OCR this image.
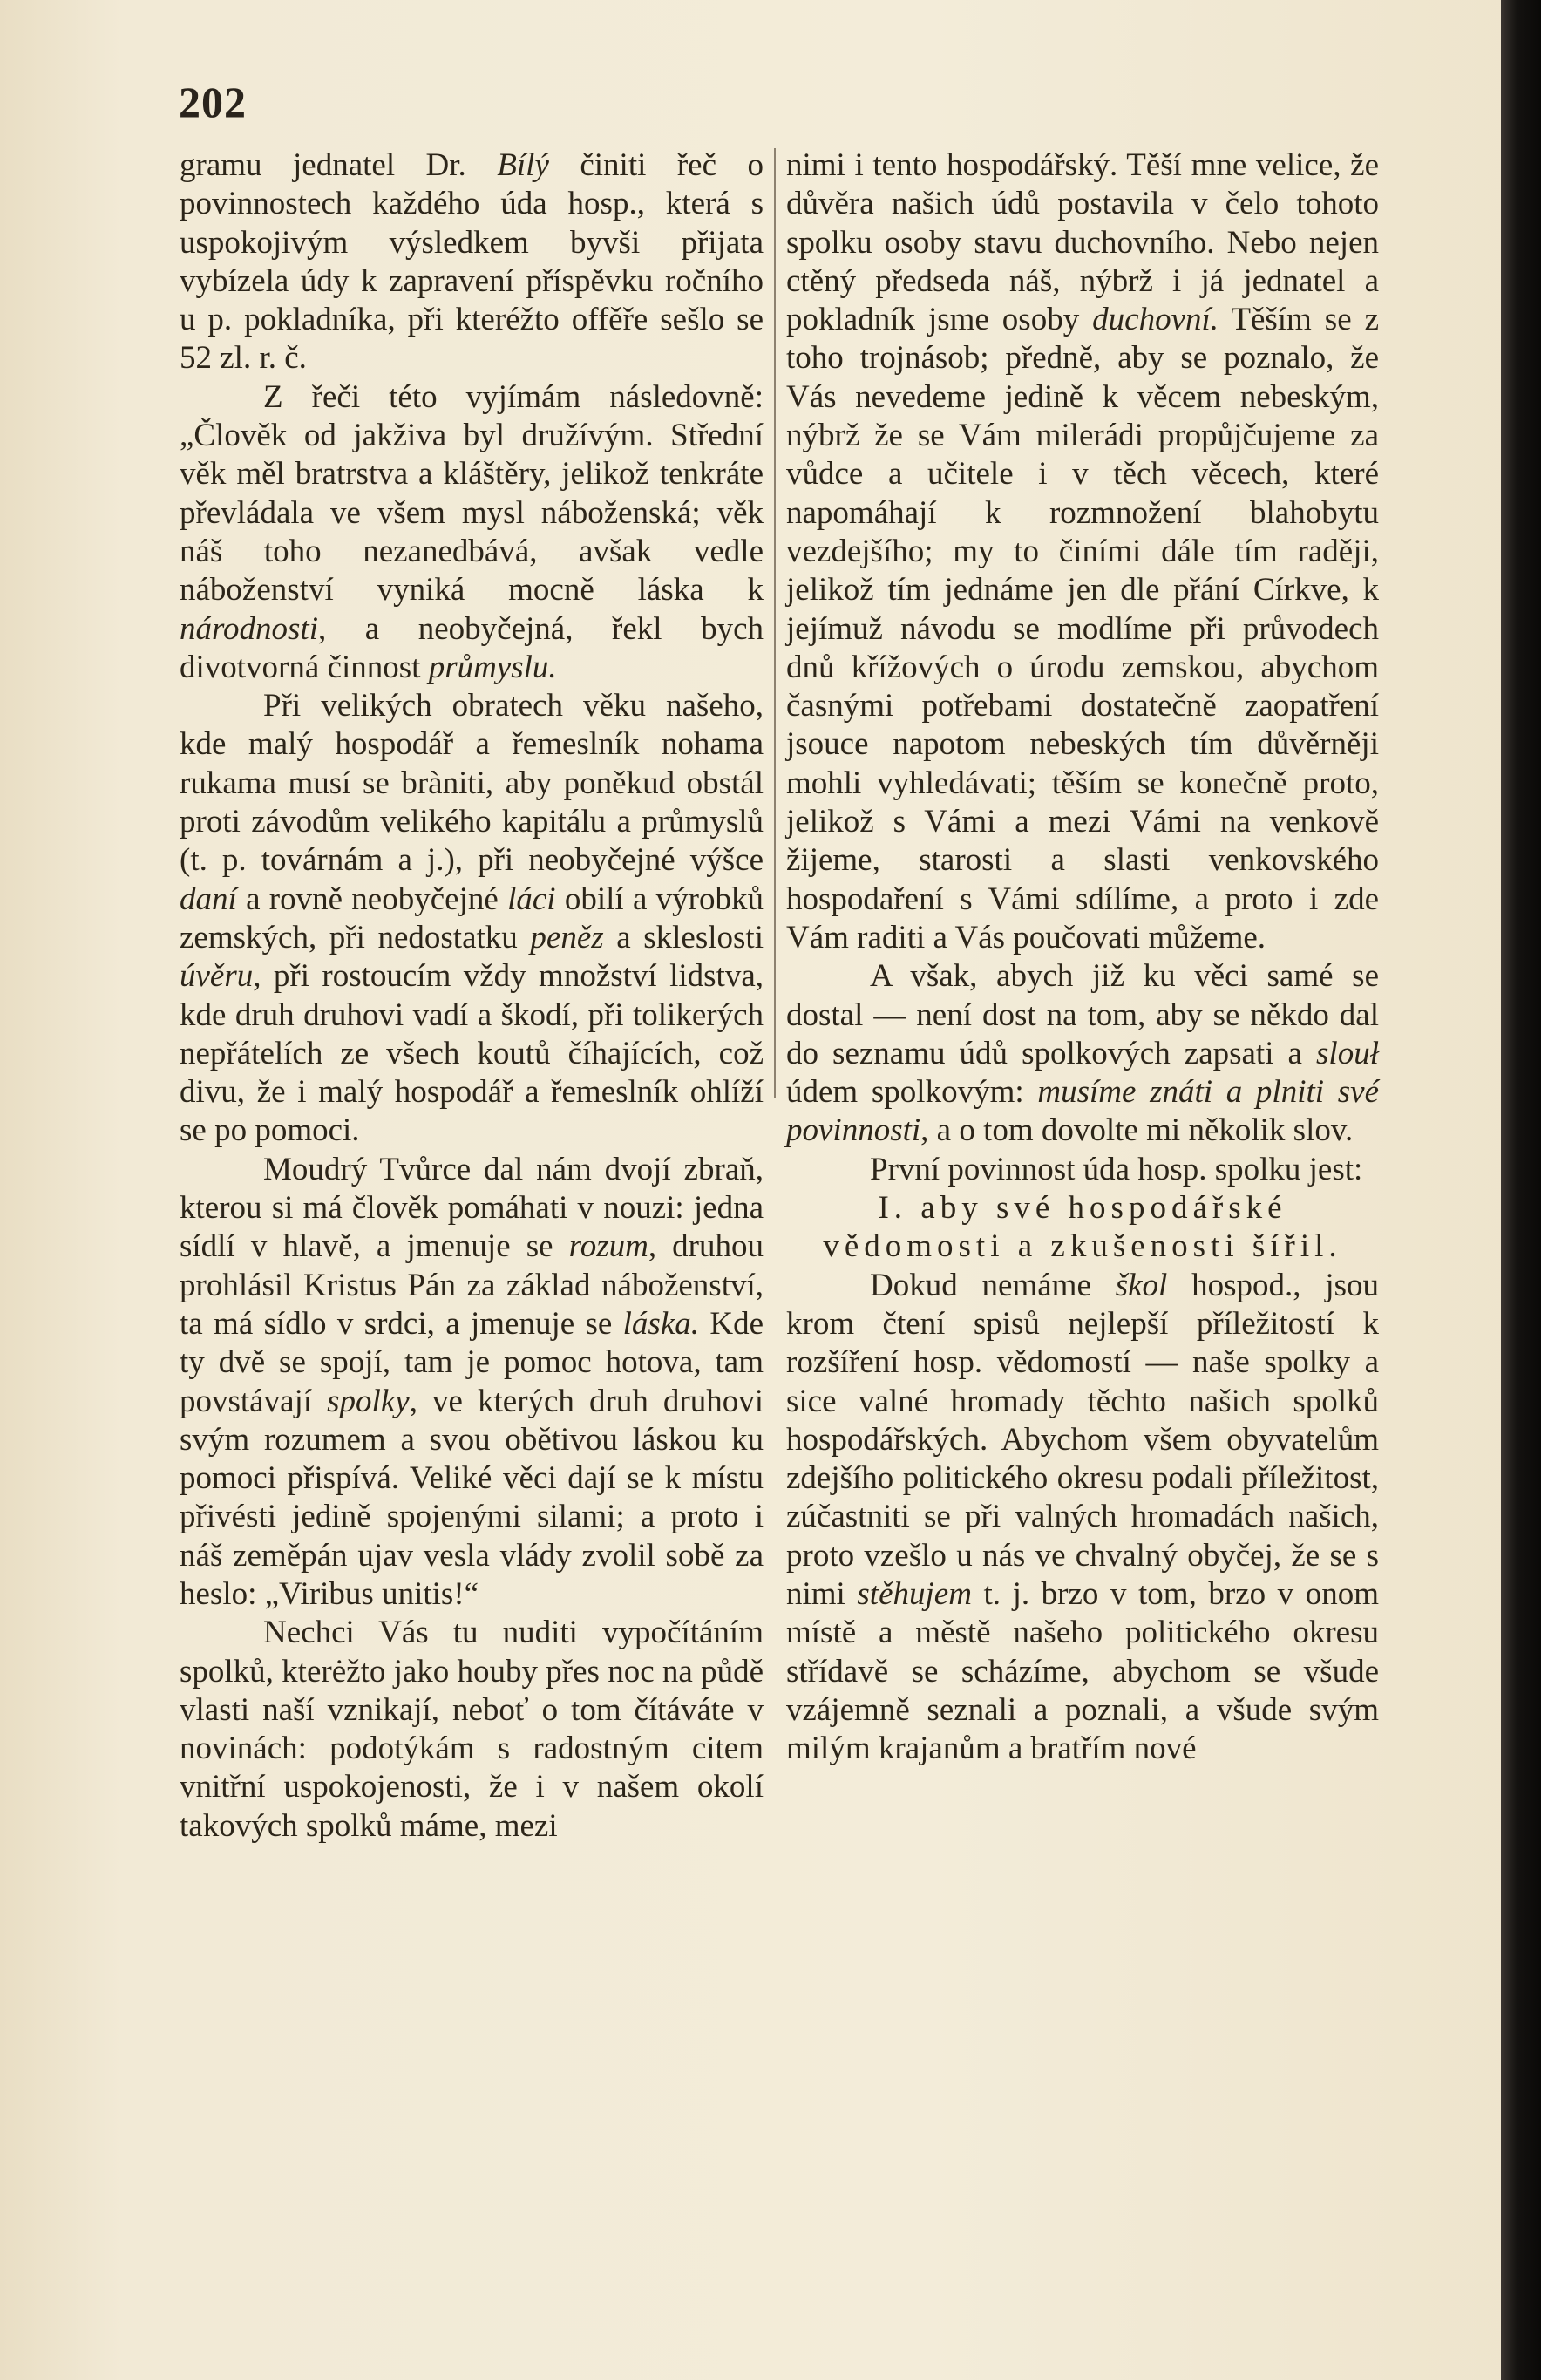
202

gramu jednatel Dr. Bílý činiti řeč o povinnostech každého úda hosp., která s uspokojivým výsledkem byvši přijata vybízela údy k zapravení příspěvku ročního u p. pokladníka, při kteréžto offěře sešlo se 52 zl. r. č.

Z řeči této vyjímám následovně: „Člověk od jakživa byl družívým. Střední věk měl bratrstva a kláštěry, jelikož tenkráte převládala ve všem mysl náboženská; věk náš toho nezanedbává, avšak vedle náboženství vyniká mocně láska k národnosti, a neobyčejná, řekl bych divotvorná činnost průmyslu.

Při velikých obratech věku našeho, kde malý hospodář a řemeslník nohama rukama musí se bràniti, aby poněkud obstál proti závodům velikého kapitálu a průmyslů (t. p. továrnám a j.), při neobyčejné výšce daní a rovně neobyčejné láci obilí a výrobků zemských, při nedostatku peněz a skleslosti úvěru, při rostoucím vždy množství lidstva, kde druh druhovi vadí a škodí, při tolikerých nepřátelích ze všech koutů číhajících, což divu, že i malý hospodář a řemeslník ohlíží se po pomoci.

Moudrý Tvůrce dal nám dvojí zbraň, kterou si má člověk pomáhati v nouzi: jedna sídlí v hlavě, a jmenuje se rozum, druhou prohlásil Kristus Pán za základ náboženství, ta má sídlo v srdci, a jmenuje se láska. Kde ty dvě se spojí, tam je pomoc hotova, tam povstávají spolky, ve kterých druh druhovi svým rozumem a svou obětivou láskou ku pomoci přispívá. Veliké věci dají se k místu přivésti jedině spojenými silami; a proto i náš zeměpán ujav vesla vlády zvolil sobě za heslo: „Viribus unitis!“

Nechci Vás tu nuditi vypočítáním spolků, kterėžto jako houby přes noc na půdě vlasti naší vznikají, neboť o tom čítáváte v novinách: podotýkám s radostným citem vnitřní uspokojenosti, že i v našem okolí takových spolků máme, mezi

nimi i tento hospodářský. Těší mne velice, že důvěra našich údů postavila v čelo tohoto spolku osoby stavu duchovního. Nebo nejen ctěný předseda náš, nýbrž i já jednatel a pokladník jsme osoby duchovní. Těším se z toho trojnásob; předně, aby se poznalo, že Vás nevedeme jedině k věcem nebeským, nýbrž že se Vám milerádi propůjčujeme za vůdce a učitele i v těch věcech, které napomáhají k rozmnožení blahobytu vezdejšího; my to činími dále tím raději, jelikož tím jednáme jen dle přání Církve, k jejímuž návodu se modlíme při průvodech dnů křížových o úrodu zemskou, abychom časnými potřebami dostatečně zaopatření jsouce napotom nebeských tím důvěrněji mohli vyhledávati; těším se konečně proto, jelikož s Vámi a mezi Vámi na venkově žijeme, starosti a slasti venkovského hospodaření s Vámi sdílíme, a proto i zde Vám raditi a Vás poučovati můžeme.

A však, abych již ku věci samé se dostal — není dost na tom, aby se někdo dal do seznamu údů spolkových zapsati a slouł údem spolkovým: musíme znáti a plniti své povinnosti, a o tom dovolte mi několik slov.

První povinnost úda hosp. spolku jest:

I. aby své hospodářské vědomosti a zkušenosti šířil.

Dokud nemáme škol hospod., jsou krom čtení spisů nejlepší příležitostí k rozšíření hosp. vědomostí — naše spolky a sice valné hromady těchto našich spolků hospodářských. Abychom všem obyvatelům zdejšího politického okresu podali příležitost, zúčastniti se při valných hromadách našich, proto vzešlo u nás ve chvalný obyčej, že se s nimi stěhujem t. j. brzo v tom, brzo v onom místě a městě našeho politického okresu střídavě se scházíme, abychom se všude vzájemně seznali a poznali, a všude svým milým krajanům a bratřím nové
